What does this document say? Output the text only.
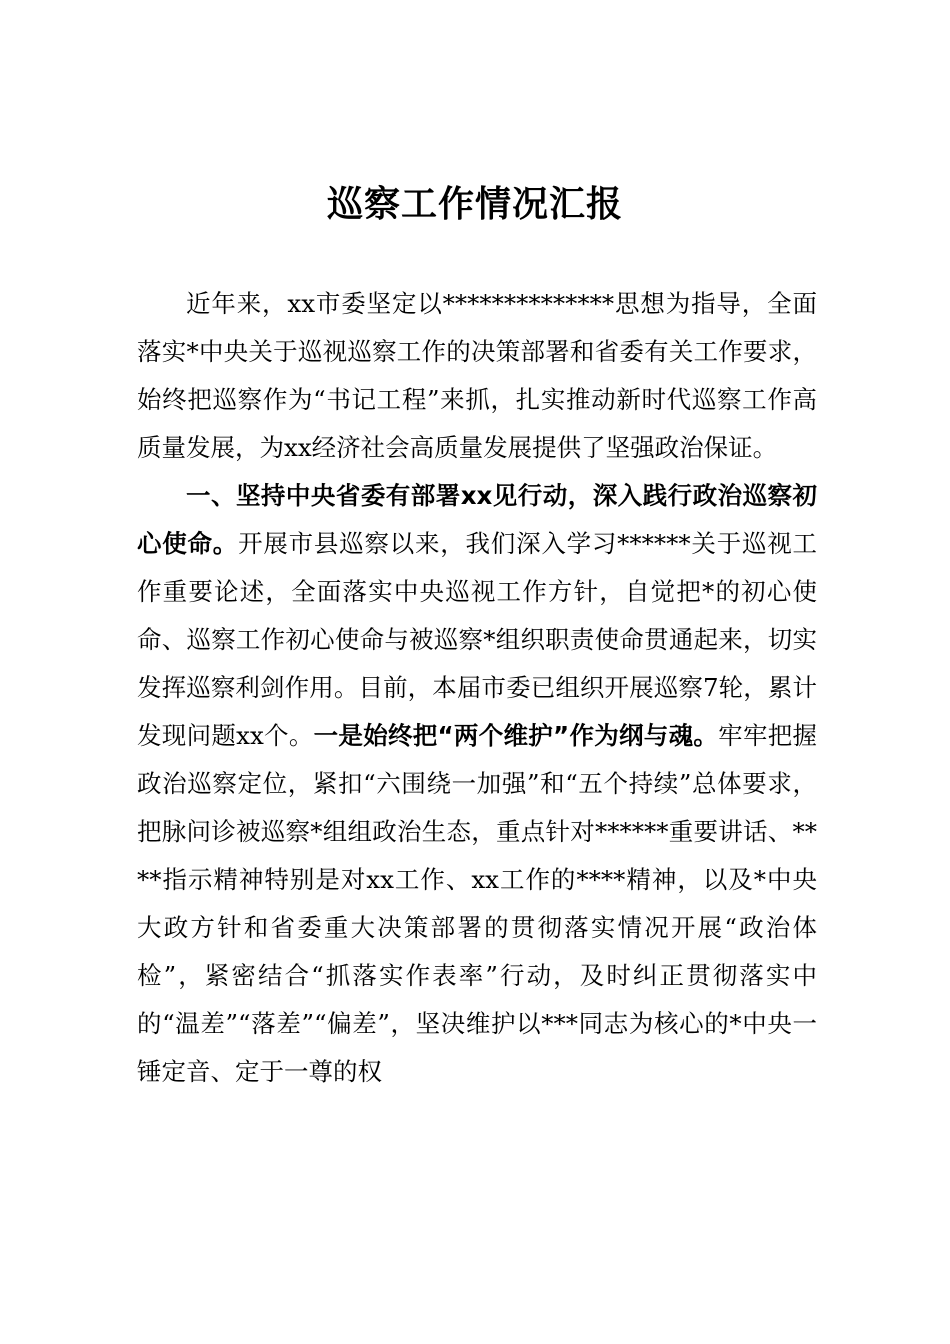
巡察工作情况汇报

近年来，xx市委坚定以**************思想为指导，全面落实*中央关于巡视巡察工作的决策部署和省委有关工作要求，始终把巡察作为“书记工程”来抓，扎实推动新时代巡察工作高质量发展，为xx经济社会高质量发展提供了坚强政治保证。

一、坚持中央省委有部署xx见行动，深入践行政治巡察初心使命。开展市县巡察以来，我们深入学习******关于巡视工作重要论述，全面落实中央巡视工作方针，自觉把*的初心使命、巡察工作初心使命与被巡察*组织职责使命贯通起来，切实发挥巡察利剑作用。目前，本届市委已组织开展巡察7轮，累计发现问题xx个。一是始终把“两个维护”作为纲与魂。牢牢把握政治巡察定位，紧扣“六围绕一加强”和“五个持续”总体要求，把脉问诊被巡察*组组政治生态，重点针对******重要讲话、****指示精神特别是对xx工作、xx工作的****精神，以及*中央大政方针和省委重大决策部署的贯彻落实情况开展“政治体检”，紧密结合“抓落实作表率”行动，及时纠正贯彻落实中的“温差”“落差”“偏差”，坚决维护以***同志为核心的*中央一锤定音、定于一尊的权
